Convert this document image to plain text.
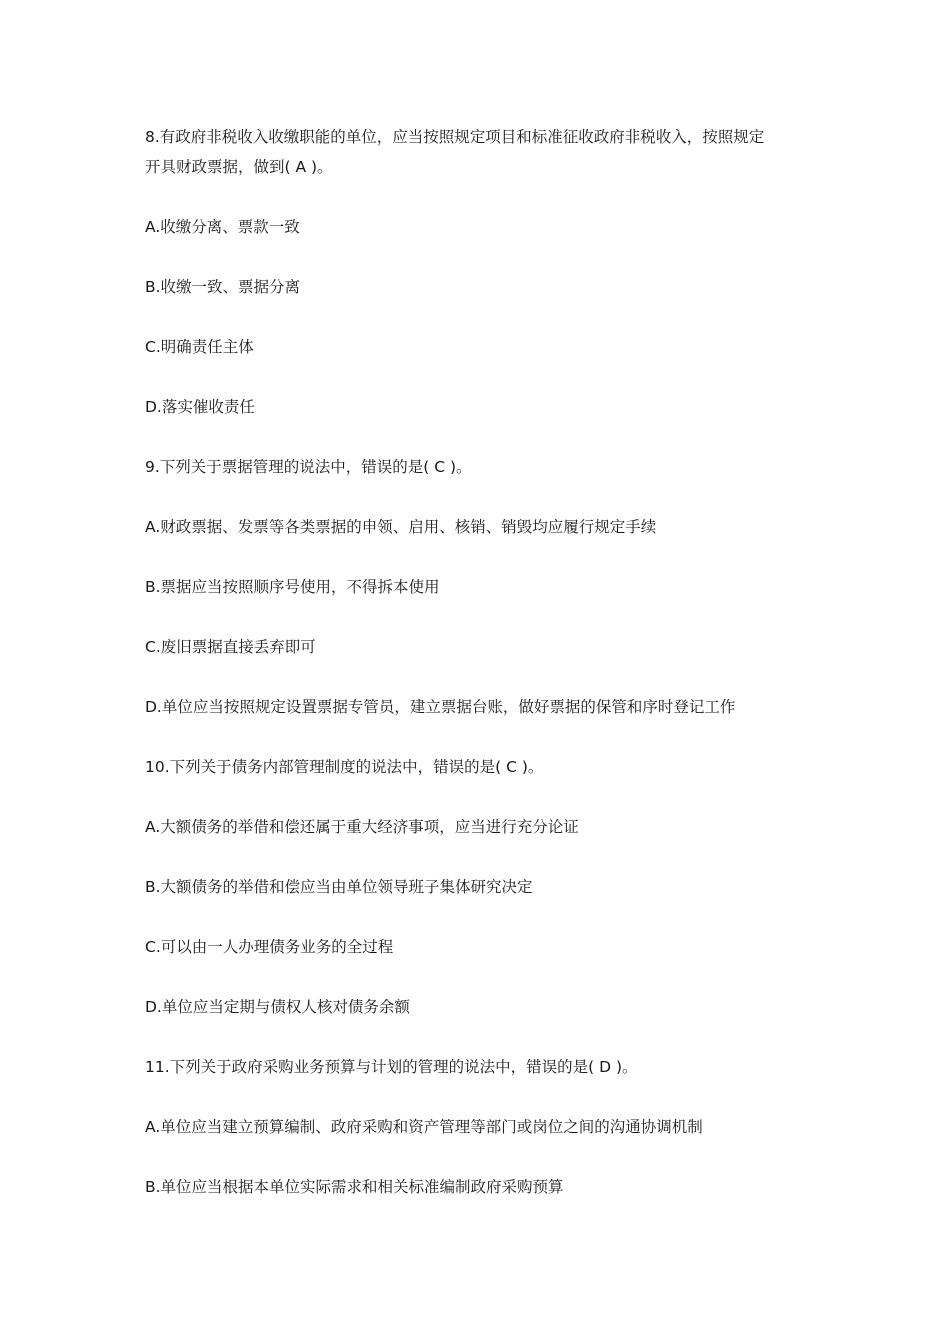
8.有政府非税收入收缴职能的单位，应当按照规定项目和标准征收政府非税收入，按照规定

开具财政票据，做到( A )。

A.收缴分离、票款一致

B.收缴一致、票据分离

C.明确责任主体

D.落实催收责任

9.下列关于票据管理的说法中，错误的是( C )。

A.财政票据、发票等各类票据的申领、启用、核销、销毁均应履行规定手续

B.票据应当按照顺序号使用，不得拆本使用

C.废旧票据直接丢弃即可

D.单位应当按照规定设置票据专管员，建立票据台账，做好票据的保管和序时登记工作

10.下列关于债务内部管理制度的说法中，错误的是( C )。

A.大额债务的举借和偿还属于重大经济事项，应当进行充分论证

B.大额债务的举借和偿应当由单位领导班子集体研究决定

C.可以由一人办理债务业务的全过程

D.单位应当定期与债权人核对债务余额

11.下列关于政府采购业务预算与计划的管理的说法中，错误的是( D )。

A.单位应当建立预算编制、政府采购和资产管理等部门或岗位之间的沟通协调机制

B.单位应当根据本单位实际需求和相关标准编制政府采购预算
